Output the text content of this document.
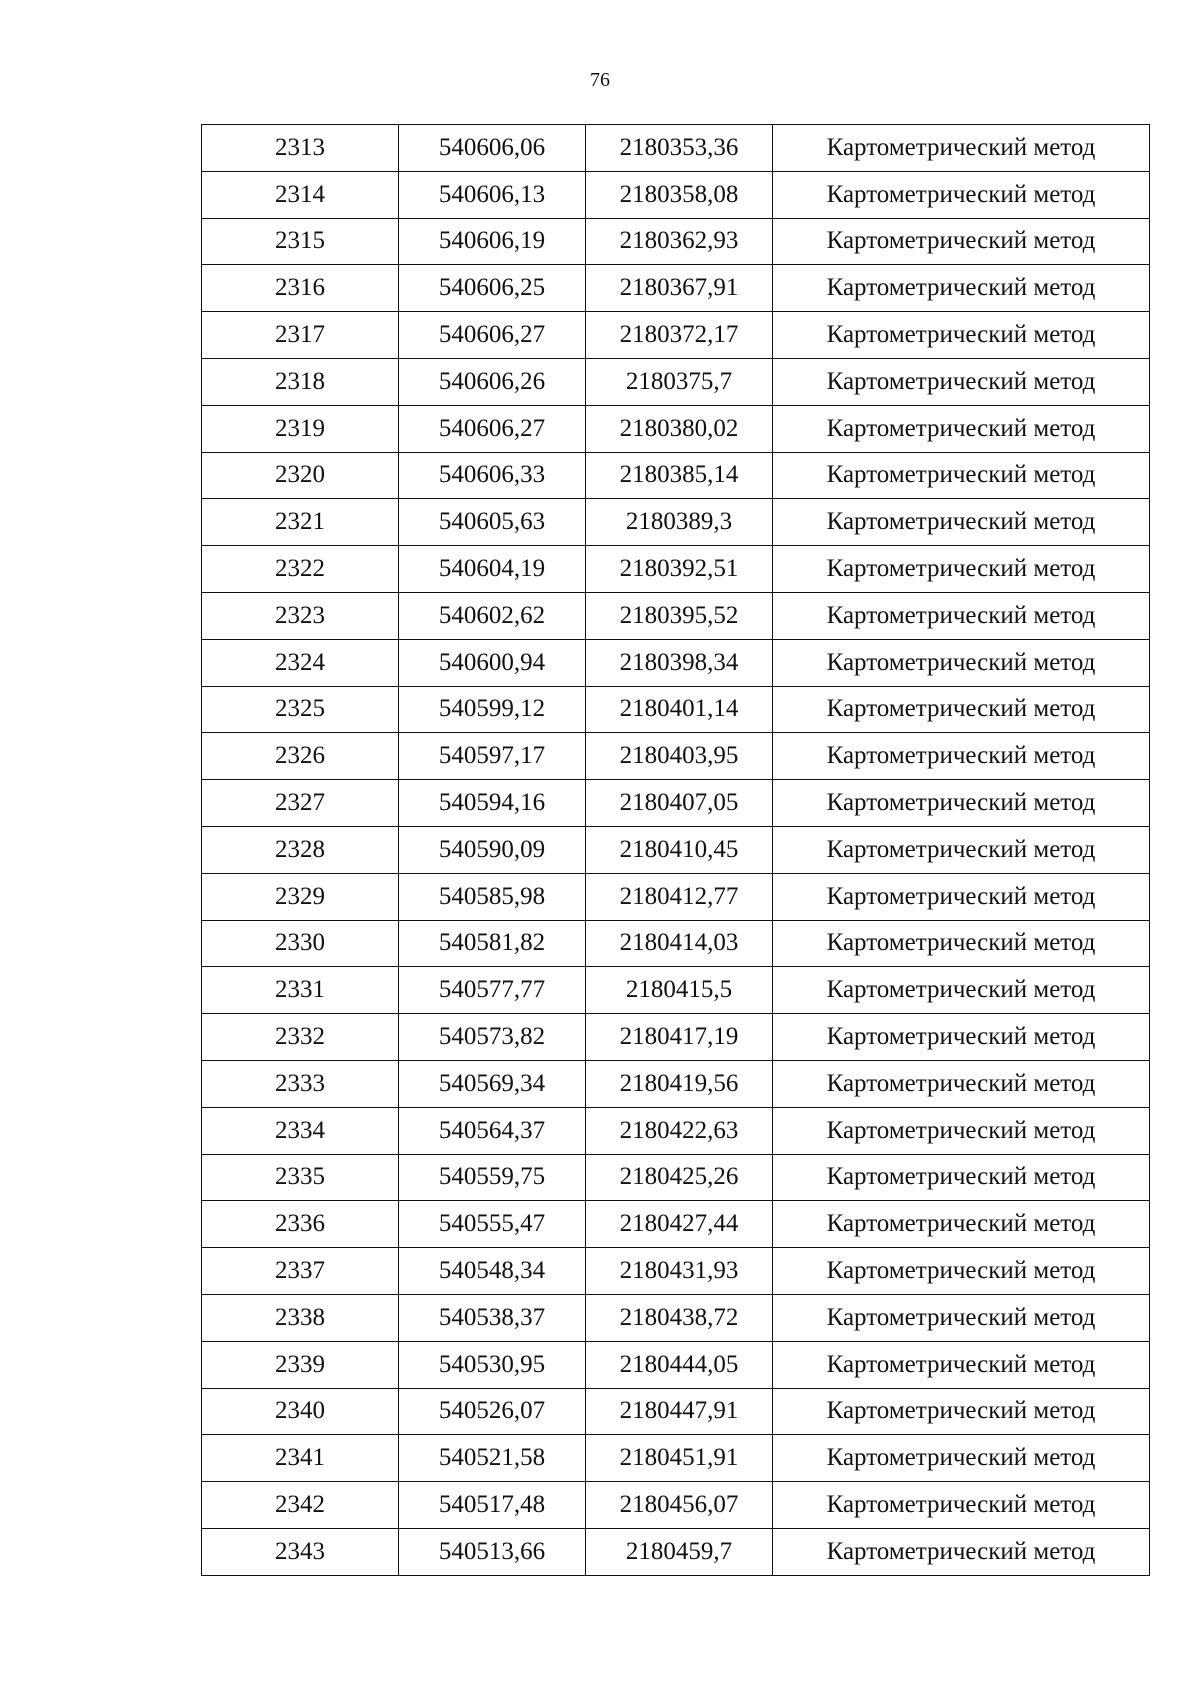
76
2313	540606,06	2180353,36	Картометрический метод
2314	540606,13	2180358,08	Картометрический метод
2315	540606,19	2180362,93	Картометрический метод
2316	540606,25	2180367,91	Картометрический метод
2317	540606,27	2180372,17	Картометрический метод
2318	540606,26	2180375,7	Картометрический метод
2319	540606,27	2180380,02	Картометрический метод
2320	540606,33	2180385,14	Картометрический метод
2321	540605,63	2180389,3	Картометрический метод
2322	540604,19	2180392,51	Картометрический метод
2323	540602,62	2180395,52	Картометрический метод
2324	540600,94	2180398,34	Картометрический метод
2325	540599,12	2180401,14	Картометрический метод
2326	540597,17	2180403,95	Картометрический метод
2327	540594,16	2180407,05	Картометрический метод
2328	540590,09	2180410,45	Картометрический метод
2329	540585,98	2180412,77	Картометрический метод
2330	540581,82	2180414,03	Картометрический метод
2331	540577,77	2180415,5	Картометрический метод
2332	540573,82	2180417,19	Картометрический метод
2333	540569,34	2180419,56	Картометрический метод
2334	540564,37	2180422,63	Картометрический метод
2335	540559,75	2180425,26	Картометрический метод
2336	540555,47	2180427,44	Картометрический метод
2337	540548,34	2180431,93	Картометрический метод
2338	540538,37	2180438,72	Картометрический метод
2339	540530,95	2180444,05	Картометрический метод
2340	540526,07	2180447,91	Картометрический метод
2341	540521,58	2180451,91	Картометрический метод
2342	540517,48	2180456,07	Картометрический метод
2343	540513,66	2180459,7	Картометрический метод
